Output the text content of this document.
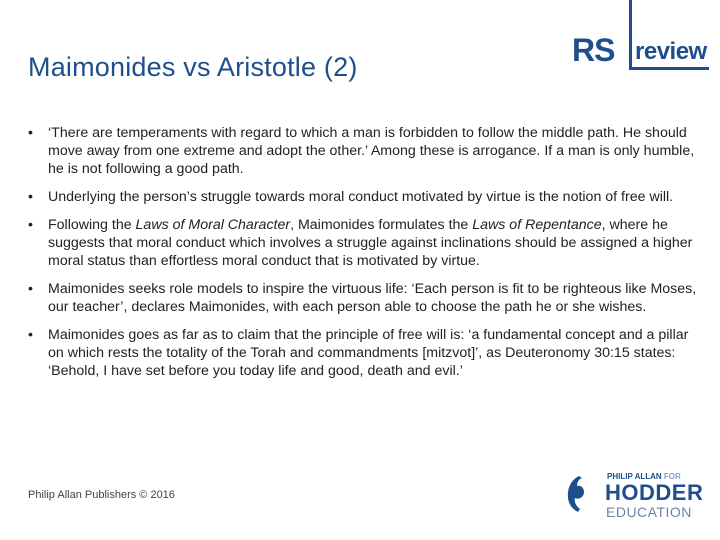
Maimonides vs Aristotle (2)	RS review
• ‘There are temperaments with regard to which a man is forbidden to follow the middle path. He should move away from one extreme and adopt the other.’ Among these is arrogance. If a man is only humble, he is not following a good path.
• Underlying the person’s struggle towards moral conduct motivated by virtue is the notion of free will.
• Following the Laws of Moral Character, Maimonides formulates the Laws of Repentance, where he suggests that moral conduct which involves a struggle against inclinations should be assigned a higher moral status than effortless moral conduct that is motivated by virtue.
• Maimonides seeks role models to inspire the virtuous life: ‘Each person is fit to be righteous like Moses, our teacher’, declares Maimonides, with each person able to choose the path he or she wishes.
• Maimonides goes as far as to claim that the principle of free will is: ‘a fundamental concept and a pillar on which rests the totality of the Torah and commandments [mitzvot]’, as Deuteronomy 30:15 states: ‘Behold, I have set before you today life and good, death and evil.’
Philip Allan Publishers © 2016
PHILIP ALLAN FOR
HODDER
EDUCATION
